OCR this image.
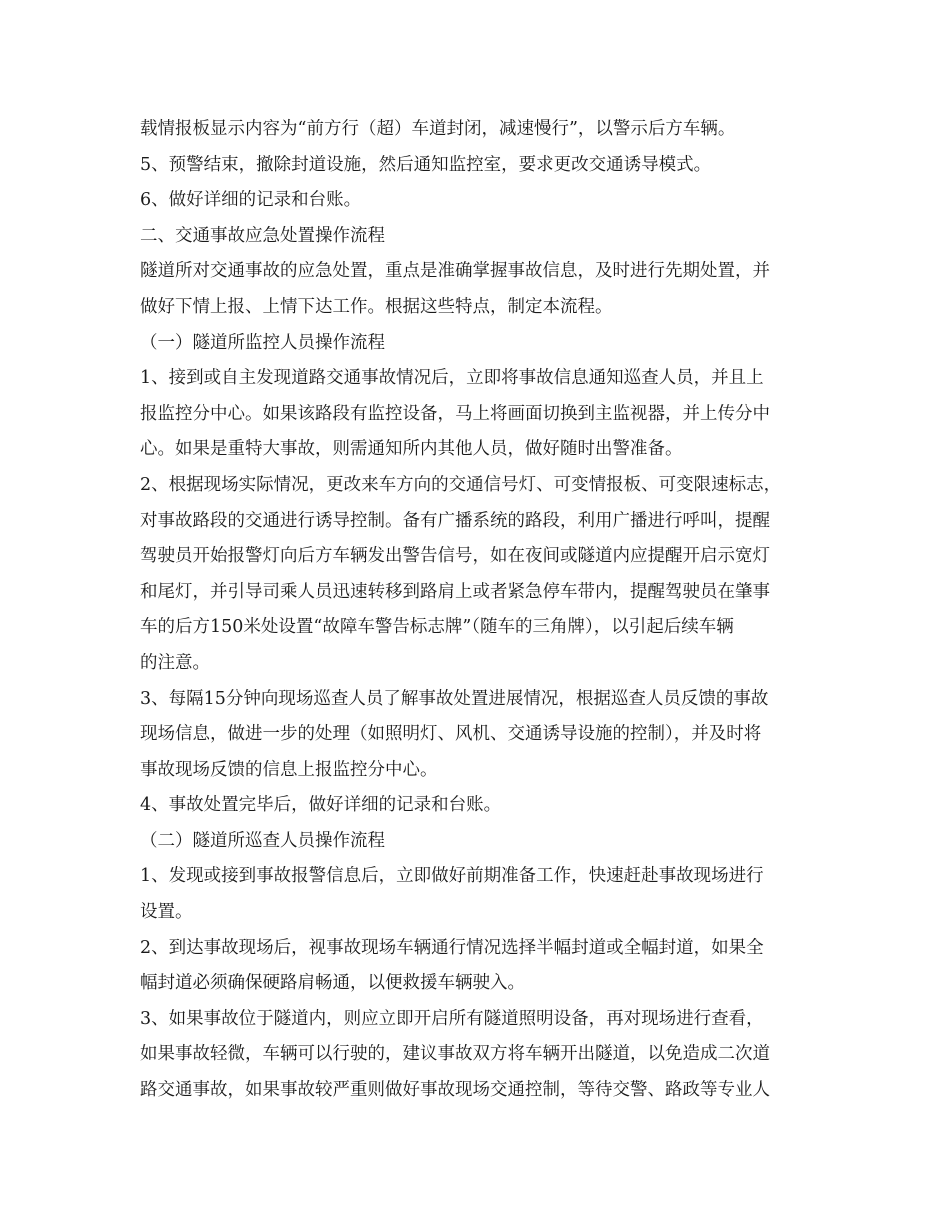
载情报板显示内容为“前方行（超）车道封闭，减速慢行”，以警示后方车辆。
5、预警结束，撤除封道设施，然后通知监控室，要求更改交通诱导模式。
6、做好详细的记录和台账。
二、交通事故应急处置操作流程
隧道所对交通事故的应急处置，重点是准确掌握事故信息，及时进行先期处置，并
做好下情上报、上情下达工作。根据这些特点，制定本流程。
（一）隧道所监控人员操作流程
1、接到或自主发现道路交通事故情况后，立即将事故信息通知巡查人员，并且上
报监控分中心。如果该路段有监控设备，马上将画面切换到主监视器，并上传分中
心。如果是重特大事故，则需通知所内其他人员，做好随时出警准备。
2、根据现场实际情况，更改来车方向的交通信号灯、可变情报板、可变限速标志，
对事故路段的交通进行诱导控制。备有广播系统的路段，利用广播进行呼叫，提醒
驾驶员开始报警灯向后方车辆发出警告信号，如在夜间或隧道内应提醒开启示宽灯
和尾灯，并引导司乘人员迅速转移到路肩上或者紧急停车带内，提醒驾驶员在肇事
车的后方150米处设置“故障车警告标志牌”（随车的三角牌），以引起后续车辆
的注意。
3、每隔15分钟向现场巡查人员了解事故处置进展情况，根据巡查人员反馈的事故
现场信息，做进一步的处理（如照明灯、风机、交通诱导设施的控制），并及时将
事故现场反馈的信息上报监控分中心。
4、事故处置完毕后，做好详细的记录和台账。
（二）隧道所巡查人员操作流程
1、发现或接到事故报警信息后，立即做好前期准备工作，快速赶赴事故现场进行
设置。
2、到达事故现场后，视事故现场车辆通行情况选择半幅封道或全幅封道，如果全
幅封道必须确保硬路肩畅通，以便救援车辆驶入。
3、如果事故位于隧道内，则应立即开启所有隧道照明设备，再对现场进行查看，
如果事故轻微，车辆可以行驶的，建议事故双方将车辆开出隧道，以免造成二次道
路交通事故，如果事故较严重则做好事故现场交通控制，等待交警、路政等专业人
